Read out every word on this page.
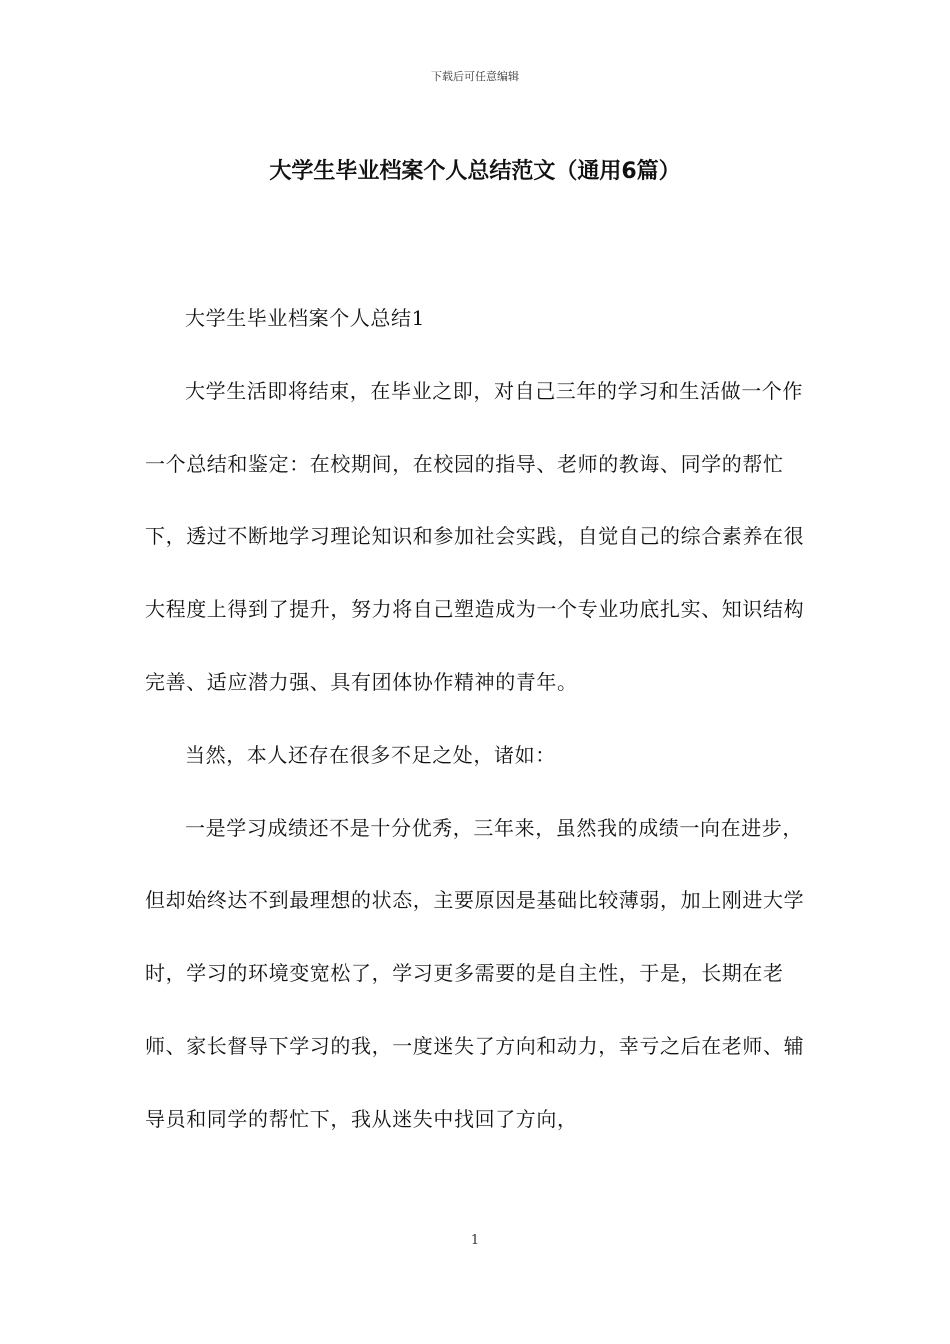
下载后可任意编辑
大学生毕业档案个人总结范文（通用6篇）

大学生毕业档案个人总结1

大学生活即将结束，在毕业之即，对自己三年的学习和生活做一个作一个总结和鉴定：在校期间，在校园的指导、老师的教诲、同学的帮忙下，透过不断地学习理论知识和参加社会实践，自觉自己的综合素养在很大程度上得到了提升，努力将自己塑造成为一个专业功底扎实、知识结构完善、适应潜力强、具有团体协作精神的青年。

当然，本人还存在很多不足之处，诸如：

一是学习成绩还不是十分优秀，三年来，虽然我的成绩一向在进步，但却始终达不到最理想的状态，主要原因是基础比较薄弱，加上刚进大学时，学习的环境变宽松了，学习更多需要的是自主性，于是，长期在老师、家长督导下学习的我，一度迷失了方向和动力，幸亏之后在老师、辅导员和同学的帮忙下，我从迷失中找回了方向，

1
